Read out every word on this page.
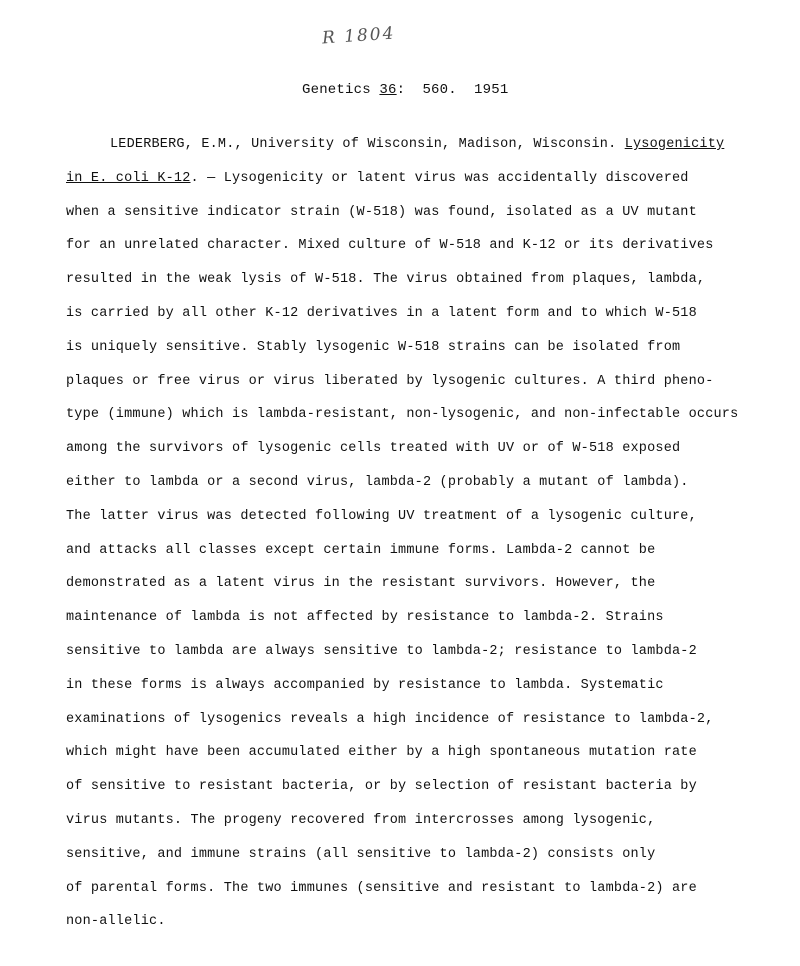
R 1804
Genetics 36:  560. 1951
LEDERBERG, E.M., University of Wisconsin, Madison, Wisconsin. Lysogenicity
in E. coli K-12. — Lysogenicity or latent virus was accidentally discovered
when a sensitive indicator strain (W-518) was found, isolated as a UV mutant
for an unrelated character. Mixed culture of W-518 and K-12 or its derivatives
resulted in the weak lysis of W-518. The virus obtained from plaques, lambda,
is carried by all other K-12 derivatives in a latent form and to which W-518
is uniquely sensitive. Stably lysogenic W-518 strains can be isolated from
plaques or free virus or virus liberated by lysogenic cultures. A third pheno-
type (immune) which is lambda-resistant, non-lysogenic, and non-infectable occurs
among the survivors of lysogenic cells treated with UV or of W-518 exposed
either to lambda or a second virus, lambda-2 (probably a mutant of lambda).
The latter virus was detected following UV treatment of a lysogenic culture,
and attacks all classes except certain immune forms. Lambda-2 cannot be
demonstrated as a latent virus in the resistant survivors. However, the
maintenance of lambda is not affected by resistance to lambda-2. Strains
sensitive to lambda are always sensitive to lambda-2; resistance to lambda-2
in these forms is always accompanied by resistance to lambda. Systematic
examinations of lysogenics reveals a high incidence of resistance to lambda-2,
which might have been accumulated either by a high spontaneous mutation rate
of sensitive to resistant bacteria, or by selection of resistant bacteria by
virus mutants. The progeny recovered from intercrosses among lysogenic,
sensitive, and immune strains (all sensitive to lambda-2) consists only
of parental forms. The two immunes (sensitive and resistant to lambda-2) are
non-allelic.
